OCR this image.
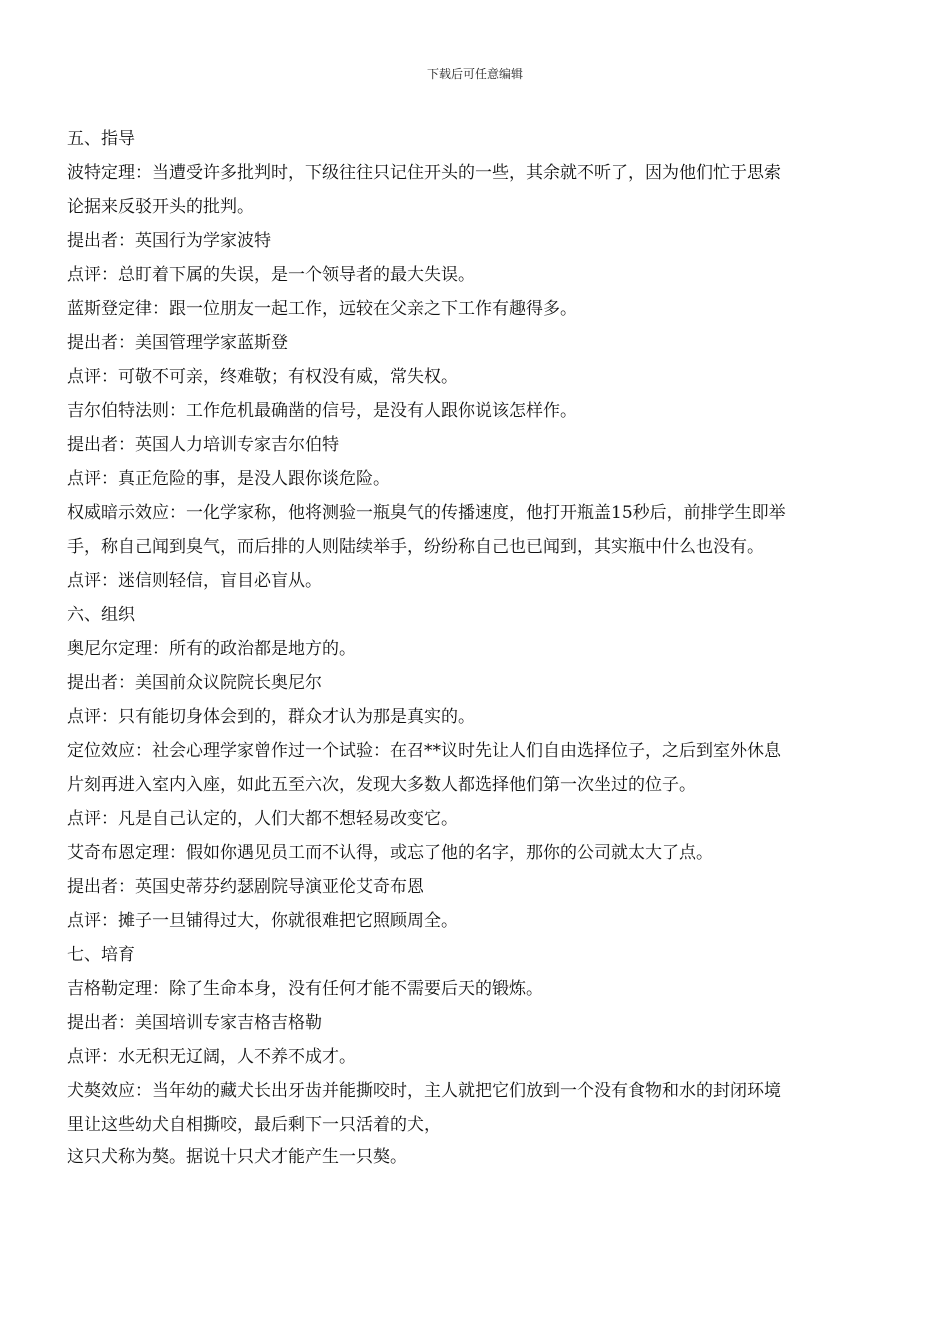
下载后可任意编辑
五、指导
波特定理：当遭受许多批判时，下级往往只记住开头的一些，其余就不听了，因为他们忙于思索
论据来反驳开头的批判。
提出者：英国行为学家波特
点评：总盯着下属的失误，是一个领导者的最大失误。
蓝斯登定律：跟一位朋友一起工作，远较在父亲之下工作有趣得多。
提出者：美国管理学家蓝斯登
点评：可敬不可亲，终难敬；有权没有威，常失权。
吉尔伯特法则：工作危机最确凿的信号，是没有人跟你说该怎样作。
提出者：英国人力培训专家吉尔伯特
点评：真正危险的事，是没人跟你谈危险。
权威暗示效应：一化学家称，他将测验一瓶臭气的传播速度，他打开瓶盖15秒后，前排学生即举
手，称自己闻到臭气，而后排的人则陆续举手，纷纷称自己也已闻到，其实瓶中什么也没有。
点评：迷信则轻信，盲目必盲从。
六、组织
奥尼尔定理：所有的政治都是地方的。
提出者：美国前众议院院长奥尼尔
点评：只有能切身体会到的，群众才认为那是真实的。
定位效应：社会心理学家曾作过一个试验：在召**议时先让人们自由选择位子，之后到室外休息
片刻再进入室内入座，如此五至六次，发现大多数人都选择他们第一次坐过的位子。
点评：凡是自己认定的，人们大都不想轻易改变它。
艾奇布恩定理：假如你遇见员工而不认得，或忘了他的名字，那你的公司就太大了点。
提出者：英国史蒂芬约瑟剧院导演亚伦艾奇布恩
点评：摊子一旦铺得过大，你就很难把它照顾周全。
七、培育
吉格勒定理：除了生命本身，没有任何才能不需要后天的锻炼。
提出者：美国培训专家吉格吉格勒
点评：水无积无辽阔，人不养不成才。
犬獒效应：当年幼的藏犬长出牙齿并能撕咬时，主人就把它们放到一个没有食物和水的封闭环境
里让这些幼犬自相撕咬，最后剩下一只活着的犬，
这只犬称为獒。据说十只犬才能产生一只獒。
